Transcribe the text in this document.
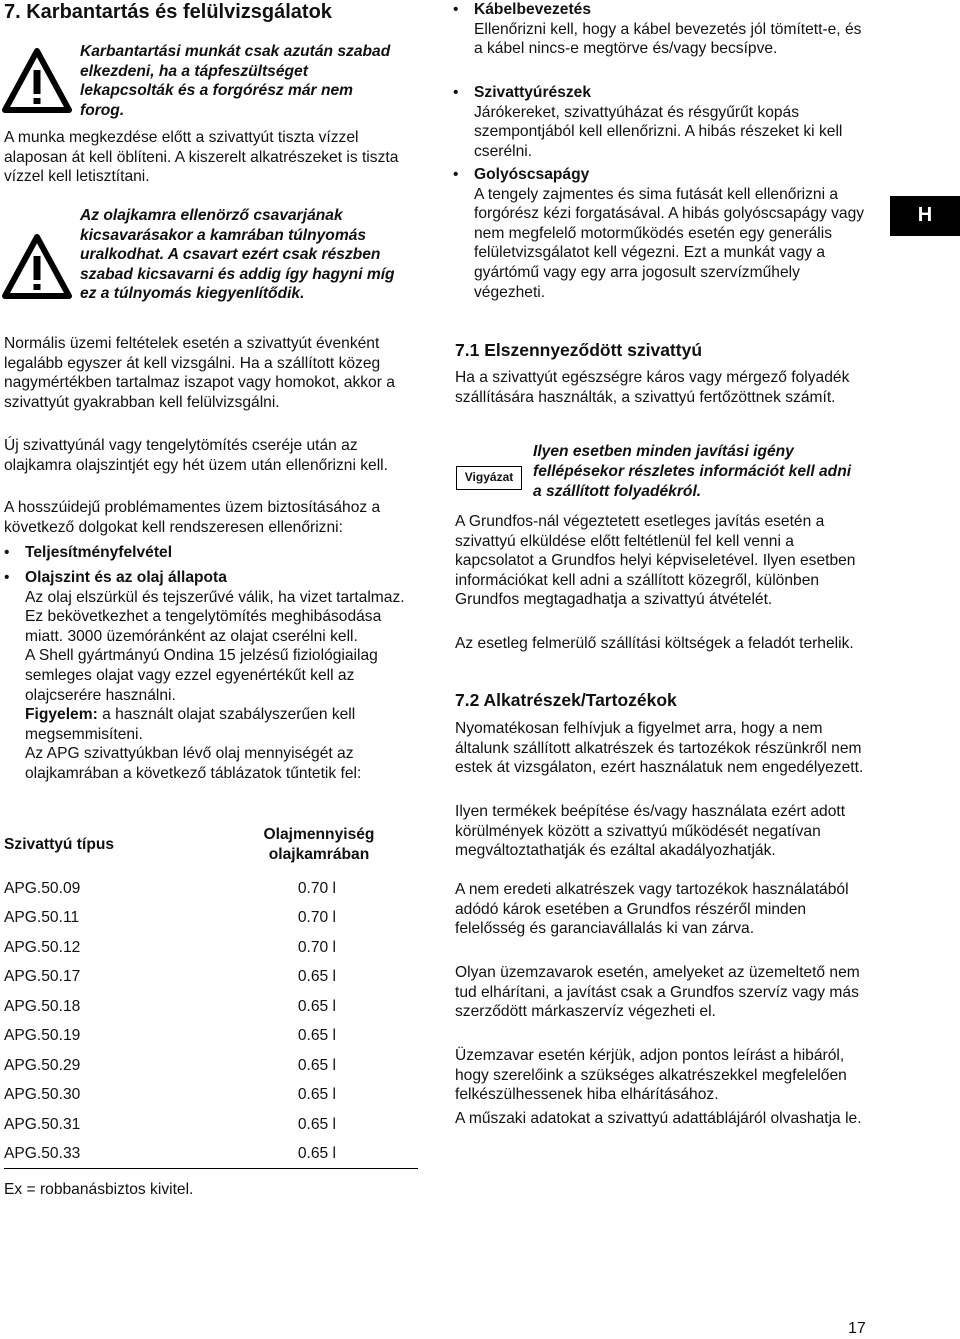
7. Karbantartás és felülvizsgálatok
Karbantartási munkát csak azután szabad elkezdeni, ha a tápfeszültséget lekapcsolták és a forgórész már nem forog.

A munka megkezdése előtt a szivattyút tiszta vízzel alaposan át kell öblíteni. A kiszerelt alkatrészeket is tiszta vízzel kell letisztítani.

Az olajkamra ellenörző csavarjának kicsavarásakor a kamrában túlnyomás uralkodhat. A csavart ezért csak részben szabad kicsavarni és addig így hagyni míg ez a túlnyomás kiegyenlítődik.

Normális üzemi feltételek esetén a szivattyút évenként legalább egyszer át kell vizsgálni. Ha a szállított közeg nagymértékben tartalmaz iszapot vagy homokot, akkor a szivattyút gyakrabban kell felülvizsgálni.

Új szivattyúnál vagy tengelytömítés cseréje után az olajkamra olajszintjét egy hét üzem után ellenőrizni kell.

A hosszúidejű problémamentes üzem biztosításához a következő dolgokat kell rendszeresen ellenőrizni:

• Teljesítményfelvétel
• Olajszint és az olaj állapota
Az olaj elszürkül és tejszerűvé válik, ha vizet tartalmaz. Ez bekövetkezhet a tengelytömítés meghibásodása miatt. 3000 üzemóránként az olajat cserélni kell.
A Shell gyártmányú Ondina 15 jelzésű fiziológiailag semleges olajat vagy ezzel egyenértékűt kell az olajcserére használni.
Figyelem: a használt olajat szabályszerűen kell megsemmisíteni.
Az APG szivattyúkban lévő olaj mennyiségét az olajkamrában a következő táblázatok tűntetik fel:
Szivattyú típus	Olajmennyiség olajkamrában
APG.50.09	0.70 l
APG.50.11	0.70 l
APG.50.12	0.70 l
APG.50.17	0.65 l
APG.50.18	0.65 l
APG.50.19	0.65 l
APG.50.29	0.65 l
APG.50.30	0.65 l
APG.50.31	0.65 l
APG.50.33	0.65 l
Ex = robbanásbiztos kivitel.
• Kábelbevezetés
Ellenőrizni kell, hogy a kábel bevezetés jól tömített-e, és a kábel nincs-e megtörve és/vagy becsípve.
• Szivattyúrészek
Járókereket, szivattyúházat és résgyűrűt kopás szempontjából kell ellenőrizni. A hibás részeket ki kell cserélni.
• Golyóscsapágy
A tengely zajmentes és sima futását kell ellenőrizni a forgórész kézi forgatásával. A hibás golyóscsapágy vagy nem megfelelő motorműködés esetén egy generális felületvizsgálatot kell végezni. Ezt a munkát vagy a gyártómű vagy egy arra jogosult szervízműhely végezheti.
7.1 Elszennyeződött szivattyú

Ha a szivattyút egészségre káros vagy mérgező folyadék szállítására használták, a szivattyú fertőzöttnek számít.

Vigyázat
Ilyen esetben minden javítási igény fellépésekor részletes információt kell adni a szállított folyadékról.

A Grundfos-nál végeztetett esetleges javítás esetén a szivattyú elküldése előtt feltétlenül fel kell venni a kapcsolatot a Grundfos helyi képviseletével. Ilyen esetben információkat kell adni a szállított közegről, különben Grundfos megtagadhatja a szivattyú átvételét.

Az esetleg felmerülő szállítási költségek a feladót terhelik.

7.2 Alkatrészek/Tartozékok

Nyomatékosan felhívjuk a figyelmet arra, hogy a nem általunk szállított alkatrészek és tartozékok részünkről nem estek át vizsgálaton, ezért használatuk nem engedélyezett.

Ilyen termékek beépítése és/vagy használata ezért adott körülmények között a szivattyú működését negatívan megváltoztathatják és ezáltal akadályozhatják.

A nem eredeti alkatrészek vagy tartozékok használatából adódó károk esetében a Grundfos részéről minden felelősség és garanciavállalás ki van zárva.

Olyan üzemzavarok esetén, amelyeket az üzemeltető nem tud elhárítani, a javítást csak a Grundfos szervíz vagy más szerződött márkaszervíz végezheti el.

Üzemzavar esetén kérjük, adjon pontos leírást a hibáról, hogy szerelőink a szükséges alkatrészekkel megfelelően felkészülhessenek hiba elhárításához.

A műszaki adatokat a szivattyú adattáblájáról olvashatja le.

H
17
